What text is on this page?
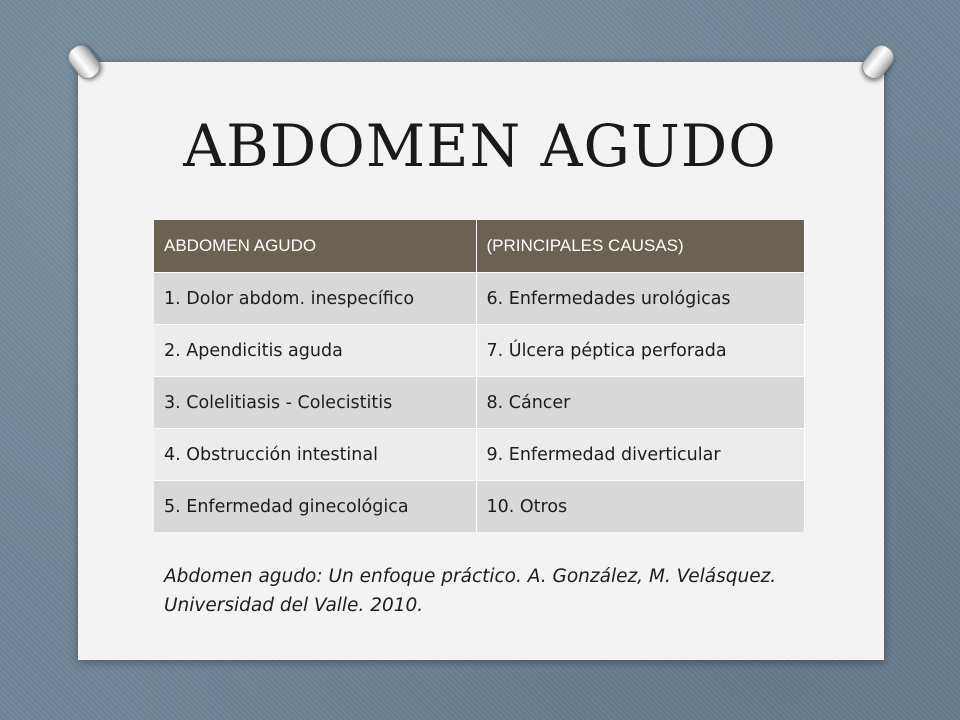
ABDOMEN AGUDO
ABDOMEN AGUDO	(PRINCIPALES CAUSAS)
1. Dolor abdom. inespecífico	6. Enfermedades urológicas
2. Apendicitis aguda	7. Úlcera péptica perforada
3. Colelitiasis - Colecistitis	8. Cáncer
4. Obstrucción intestinal	9. Enfermedad diverticular
5. Enfermedad ginecológica	10. Otros
Abdomen agudo: Un enfoque práctico. A. González, M. Velásquez. Universidad del Valle. 2010.
